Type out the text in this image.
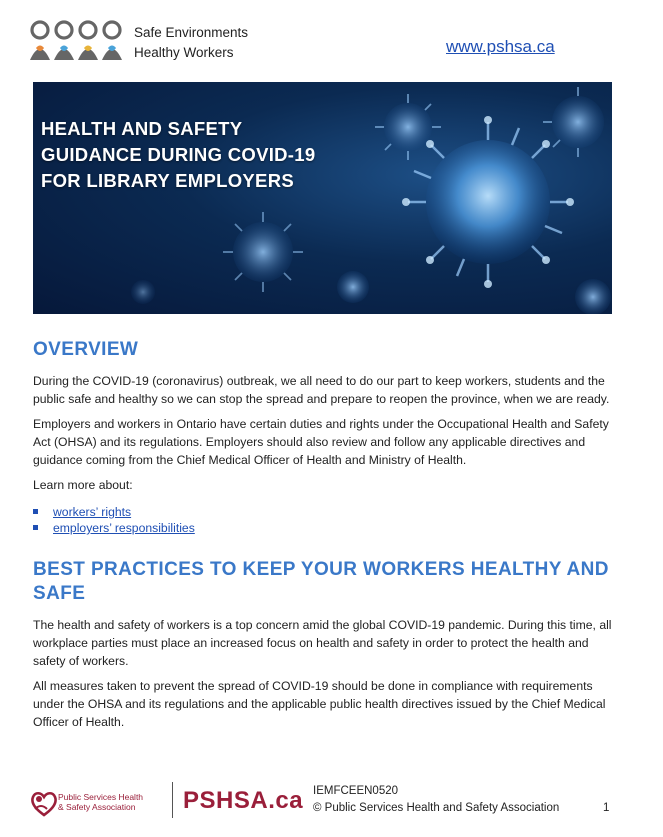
Safe Environments
Healthy Workers	www.pshsa.ca
HEALTH AND SAFETY
GUIDANCE DURING COVID-19
FOR LIBRARY EMPLOYERS
OVERVIEW

During the COVID-19 (coronavirus) outbreak, we all need to do our part to keep workers, students and the public safe and healthy so we can stop the spread and prepare to reopen the province, when we are ready.

Employers and workers in Ontario have certain duties and rights under the Occupational Health and Safety Act (OHSA) and its regulations. Employers should also review and follow any applicable directives and guidance coming from the Chief Medical Officer of Health and Ministry of Health.

Learn more about:

workers’ rights
employers’ responsibilities
BEST PRACTICES TO KEEP YOUR WORKERS HEALTHY AND SAFE

The health and safety of workers is a top concern amid the global COVID-19 pandemic. During this time, all workplace parties must place an increased focus on health and safety in order to protect the health and safety of workers.

All measures taken to prevent the spread of COVID-19 should be done in compliance with requirements under the OHSA and its regulations and the applicable public health directives issued by the Chief Medical Officer of Health.

Public Services Health
& Safety Association	PSHSA.ca IEMFCEEN0520
© Public Services Health and Safety Association	1
